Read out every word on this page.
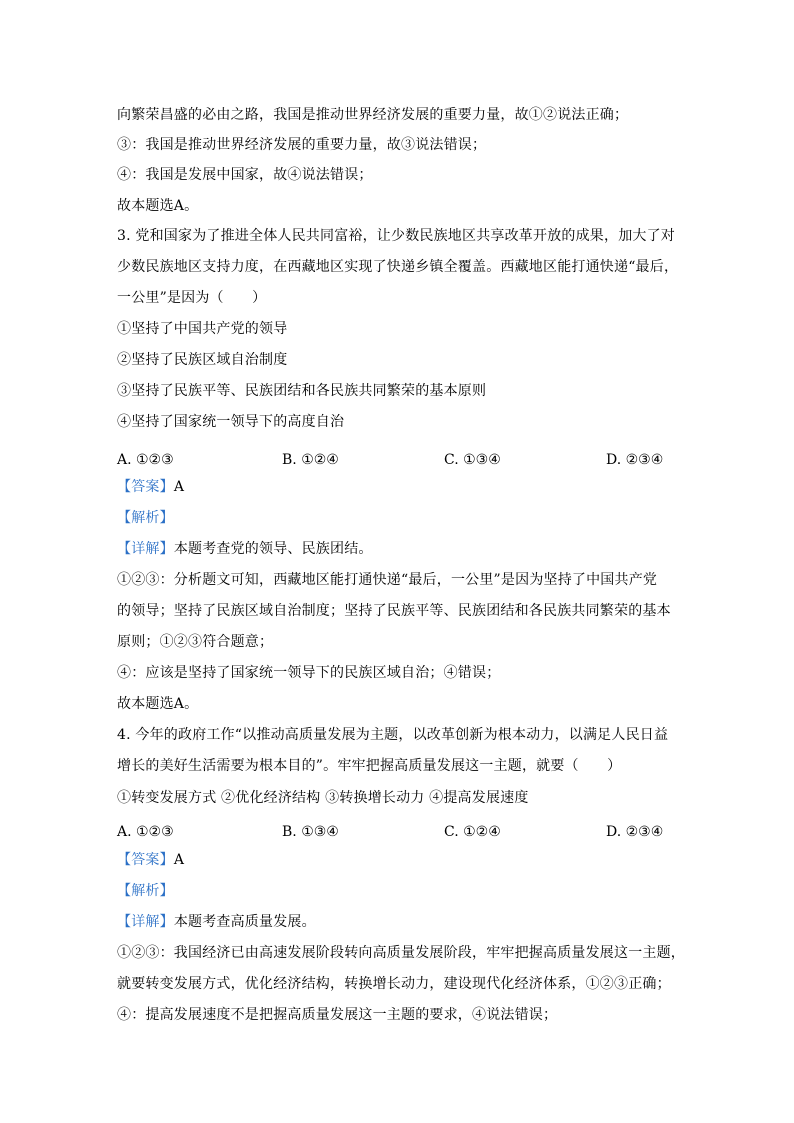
向繁荣昌盛的必由之路，我国是推动世界经济发展的重要力量，故①②说法正确；
③：我国是推动世界经济发展的重要力量，故③说法错误；
④：我国是发展中国家，故④说法错误；
故本题选A。
3. 党和国家为了推进全体人民共同富裕，让少数民族地区共享改革开放的成果，加大了对
少数民族地区支持力度，在西藏地区实现了快递乡镇全覆盖。西藏地区能打通快递“最后，
一公里”是因为（　　）
①坚持了中国共产党的领导
②坚持了民族区域自治制度
③坚持了民族平等、民族团结和各民族共同繁荣的基本原则
④坚持了国家统一领导下的高度自治
A. ①②③	B. ①②④	C. ①③④	D. ②③④
【答案】A
【解析】
【详解】本题考查党的领导、民族团结。
①②③：分析题文可知，西藏地区能打通快递“最后，一公里”是因为坚持了中国共产党
的领导；坚持了民族区域自治制度；坚持了民族平等、民族团结和各民族共同繁荣的基本
原则；①②③符合题意；
④：应该是坚持了国家统一领导下的民族区域自治；④错误；
故本题选A。
4. 今年的政府工作“以推动高质量发展为主题，以改革创新为根本动力，以满足人民日益
增长的美好生活需要为根本目的”。牢牢把握高质量发展这一主题，就要（　　）
①转变发展方式 ②优化经济结构 ③转换增长动力 ④提高发展速度
A. ①②③	B. ①③④	C. ①②④	D. ②③④
【答案】A
【解析】
【详解】本题考查高质量发展。
①②③：我国经济已由高速发展阶段转向高质量发展阶段，牢牢把握高质量发展这一主题，
就要转变发展方式，优化经济结构，转换增长动力，建设现代化经济体系，①②③正确；
④：提高发展速度不是把握高质量发展这一主题的要求，④说法错误；
